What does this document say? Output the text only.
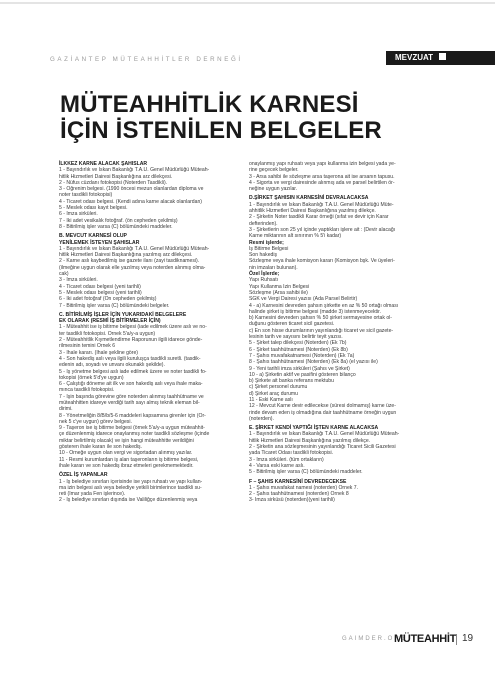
GAZİANTEP MÜTEAHHİTLER DERNEĞİ	MEVZUAT
MÜTEAHHİTLİK KARNESİ
İÇİN İSTENİLEN BELGELER
İLKKEZ KARNE ALACAK ŞAHISLAR
1 - Bayındırlık ve İskan Bakanlığı T.A.U. Genel Müdürlüğü Müteah-
hitlik Hizmetleri Dairesi Başkanlığına arz dilekçesi.
2 - Nüfus cüzdanı fotokopisi (Noterden Tasdikli).
3 - Öğrenim belgesi. (1990 öncesi mezun olanlardan diploma ve
noter tasdikli fotokopisi)
4 - Ticaret odası belgesi. (Kendi adına karne alacak olanlardan)
5 - Meslek odası kayıt belgesi.
6 - İmza sirküleri.
7 - İki adet vesikalık fotoğraf. (ön cepheden çekilmiş)
8 - Bitirilmiş işler varsa (C) bölümündeki maddeler.
B. MEVCUT KARNESİ OLUP
YENİLEMEK İSTEYEN ŞAHISLAR
1 - Bayındırlık ve İskan Bakanlığı T.A.U. Genel Müdürlüğü Müteah-
hitlik Hizmetleri Dairesi Başkanlığına yazılmış arz dilekçesi.
2 - Karne aslı kaybedilmiş ise gazete ilanı (zayi tasdiknamesi).
(ilmeğine uygun olarak elle yazılmış veya noterden alınmış olma-
cak)
3 - İmza sirküleri.
4 - Ticaret odası belgesi (yeni tarihli)
5 - Meslek odası belgesi (yeni tarihli)
6 - İki adet fotoğraf (Ön cepheden çekilmiş)
7 - Bitirilmiş işler varsa (C) bölümündeki belgeler.
C. BİTİRİLMİŞ İŞLER İÇİN YUKARIDAKİ BELGELERE
EK OLARAK (RESMİ İŞ BİTİRMELER İÇİN)
1 - Müteahhit ise iş bitirme belgesi (iade edilmek üzere aslı ve no-
ter tasdikli fotokopisi. Örnek 5'a/y-a uygun)
2 - Müteahhitlik Kıymetlendirme Raporunun ilgili idarece gönde-
rilmesinin temini Örnek 6
3 - İhale kararı. (İhale şekline göre)
4 - Son hakediş aslı veya ilgili kuruluşça tasdikli suretli. (tasdik-
edenin adı, soyadı ve unvanı okunaklı şekilde).
5 - İş yönetme belgesi aslı iade edilmek üzere ve noter tasdikli fo-
tokopisi (örnek 5'd'ye uygun)
6 - Çalıştığı döneme ait ilk ve son hakediş aslı veya ihale maka-
mınca tasdikli fotokopisi.
7 - İşin başında görevine göre noterden alınmış taahhütname ve
müteahhitten idareye verdiği tarih sayı almış teknik eleman bil-
dirimi.
8 - Yönetmeliğin 8/B/b/5-6 maddeleri kapsamına girenler için (Ör-
nek 5 c'ye uygun) görev belgesi.
9 - Taşeron ise iş bitirme belgesi (örnek 5'a/y-a uygun müteahhit-
çe düzenlenmiş idarece onaylanmış noter tasdikli sözleşme (içinde
miktar belirtilmiş olacak) ve işin hangi müteahhitte verildiğini
gösteren ihale kararı ile son hakediş.
10 - Örneğe uygun olan vergi ve sigortadan alınmış yazılar.
11 - Resmi kurumlardan iş alan taşeronların iş bitirme belgesi,
ihale kararı ve son hakediş ibraz etmeleri gerekmemektedir.
ÖZEL İŞ YAPANLAR
1 - İş belediye sınırları içerisinde ise yapı ruhsatı ve yapı kullan-
ma izin belgesi aslı veya belediye yetkili birimlerince tasdikli su-
reti (İmar yada Fen işlerince).
2 - İş belediye sınırları dışında ise Valiliğçe düzenlenmiş veya
onaylanmış yapı ruhsatı veya yapı kullanma izin belgesi yada ye-
rine geçecek belgeler.
3 - Arsa sahibi ile sözleşme arsa taşerona ait ise arsanın tapusu.
4 - Sigorta ve vergi dairesinde alınmış ada ve parsel belirtilen ör-
neğine uygun yazılar.
D.ŞİRKET ŞAHISIN KARNESİNİ DEVRALACAKSA
1 - Bayındırlık ve İskan Bakanlığı T.A.U. Genel Müdürlüğü Müte-
ahhitlik Hizmetleri Dairesi Başkanlığına yazılmış dilekçe.
2 - Şirketin Noter tasdikli Karar örneği (sıfat ve devir için Karar
defterinden).
3 - Şirketlerin son 25 yıl içinde yaptıkları işlere ait : (Devir alacağı
Karne miktarının alt sınırının % 5'i kadar)
Resmi işlerde;
İş Bitirme Belgesi
Son hakediş
Sözleşme veya ihale komisyon kararı (Komisyon bşk. Ve üyeleri-
nin imzaları bulunan).
Özel İşlerde;
Yapı Ruhsatı
Yapı Kullanma İzin Belgesi
Sözleşme (Arsa sahibi ile)
SGK ve Vergi Dairesi yazısı (Ada Parsel Belirtir)
4 - a) Karnesini devreden şahsın şirkette en az % 50 ortağı olması
halinde şirket iş bitirme belgesi (madde 3) istenmeyecektir.
b) Karnesini devreden şahsın % 50 şirket sermayesine ortak ol-
duğunu gösteren ticaret sicil gazetesi.
c) En son hisse durumlarının yayınlandığı ticaret ve sicil gazete-
lesinin tarih ve sayısını belirtir teyit yazısı.
5 - Şirket talep dilekçesi (Noterden) (Ek 7b)
6 - Şirket taahhütnamesi (Noterden) (Ek 8b)
7 - Şahıs muvafakatnamesi (Noterden) (Ek 7a)
8 - Şahıs taahhütnamesi (Noterden) (Ek 8a) (el yazısı ile)
9 - Yeni tarihli imza sirküleri (Şahıs ve Şirket)
10 - a) Şirketin aktif ve pasifini gösteren bilanço
b) Şirkete ait banka referans mektubu
c) Şirket personel durumu
d) Şirket araç durumu
11 - Eski Karne aslı
12 - Mevcut Karne devir edilecekse (süresi dolmamış) karne üze-
rinde devam eden iş olmadığına dair taahhütname örneğin uygun
(noterden).
E. ŞİRKET KENDİ YAPTIĞI İŞTEN KARNE ALACAKSA
1 - Bayındırlık ve İskan Bakanlığı T.A.U. Genel Müdürlüğü Müteah-
hitlik Hizmetleri Dairesi Başkanlığına yazılmış dilekçe.
2 - Şirketin ana sözleşmesinin yayınlandığı Ticaret Sicili Gazetesi
yada Ticaret Odası tasdikli fotokopisi.
3 - İmza sirküleri. (tüm ortakların)
4 - Varsa eski karne aslı.
5 - Bitirilmiş işler varsa (C) bölümündeki maddeler.
F – ŞAHIS KARNESİNİ DEVREDECEKSE
1 - Şahıs muvafakat namesi (noterden) Örnek 7.
2 - Şahıs taahhütnamesi (noterden) Örnek 8
3- İmza sirküsü (noterden)(yeni tarihli)
GAIMDER.ORG
MÜTEAHHİT 19
